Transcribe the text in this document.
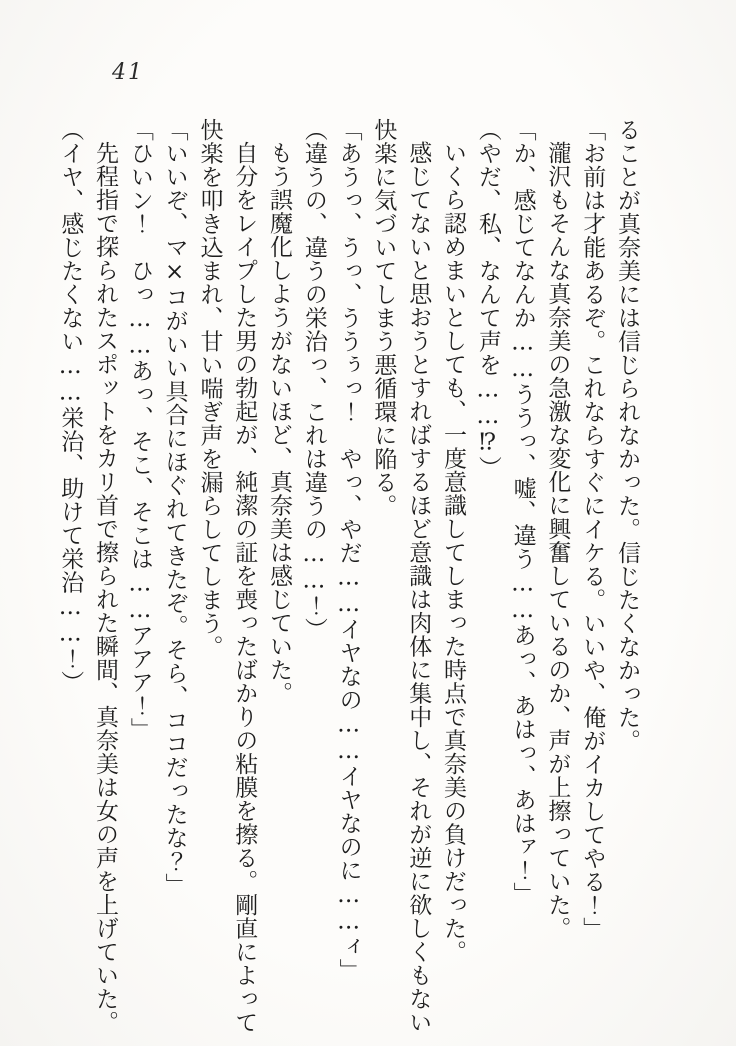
41

ることが真奈美には信じられなかった。信じたくなかった。

「お前は才能あるぞ。これならすぐにイケる。いいや、俺がイカしてやる！」

瀧沢もそんな真奈美の急激な変化に興奮しているのか、声が上擦っていた。

「か、感じてなんか……ううっ、嘘、違う……あっ、あはっ、あはァ！」

（やだ、私、なんて声を……⁉）

いくら認めまいとしても、一度意識してしまった時点で真奈美の負けだった。

感じてないと思おうとすればするほど意識は肉体に集中し、それが逆に欲しくもない快楽に気づいてしまう悪循環に陥る。

「あうっ、うっ、ううぅっ！　やっ、やだ……イヤなの……イヤなのに……ィ」

（違うの、違うの栄治っ、これは違うの……！）

もう誤魔化しようがないほど、真奈美は感じていた。

自分をレイプした男の勃起が、純潔の証を喪ったばかりの粘膜を擦る。剛直によって快楽を叩き込まれ、甘い喘ぎ声を漏らしてしまう。

「いいぞ、マ×コがいい具合にほぐれてきたぞ。そら、ココだったな？」

「ひいン！　ひっ……あっ、そこ、そこは……アアア！」

先程指で探られたスポットをカリ首で擦られた瞬間、真奈美は女の声を上げていた。

（イヤ、感じたくない……栄治、助けて栄治……！）
